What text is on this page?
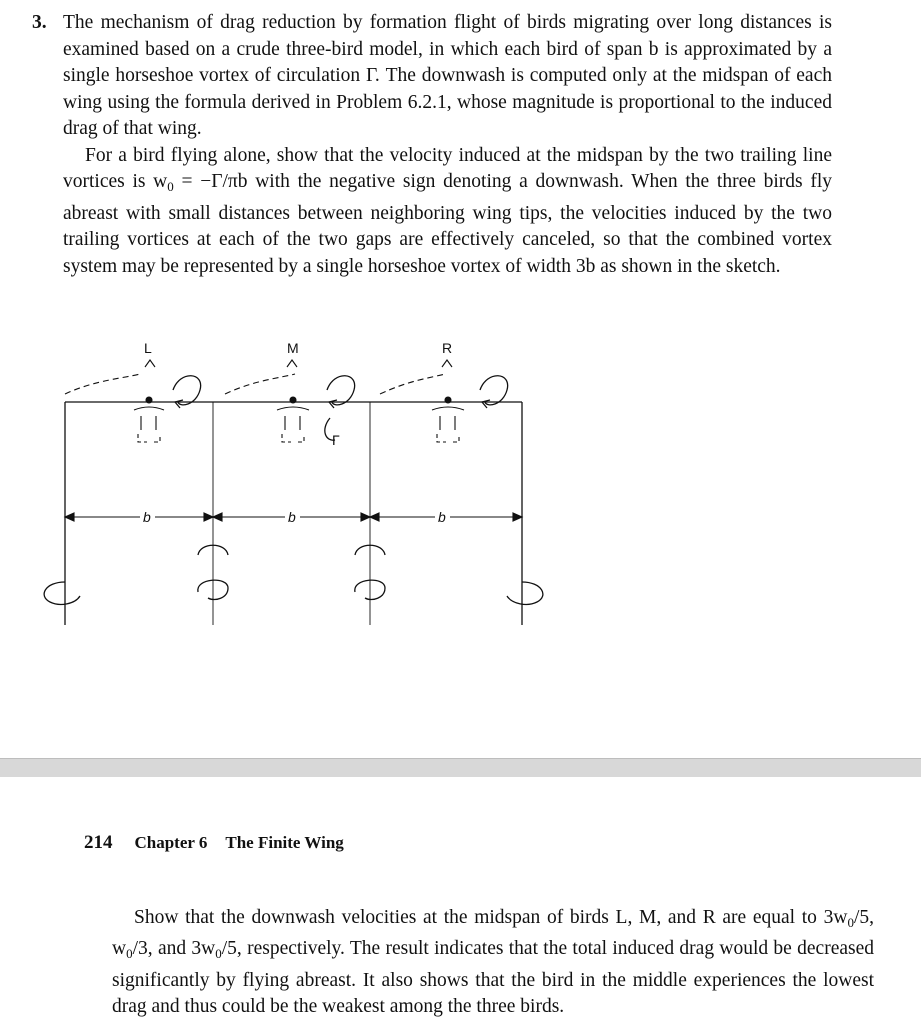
3. The mechanism of drag reduction by formation flight of birds migrating over long distances is examined based on a crude three-bird model, in which each bird of span b is approximated by a single horseshoe vortex of circulation Γ. The downwash is computed only at the midspan of each wing using the formula derived in Problem 6.2.1, whose magnitude is proportional to the induced drag of that wing.

For a bird flying alone, show that the velocity induced at the midspan by the two trailing line vortices is $w_0 = -\Gamma/\pi b$ with the negative sign denoting a downwash. When the three birds fly abreast with small distances between neighboring wing tips, the velocities induced by the two trailing vortices at each of the two gaps are effectively canceled, so that the combined vortex system may be represented by a single horseshoe vortex of width 3b as shown in the sketch.

L	M	R
b	b	b
Γ
214 Chapter 6 The Finite Wing

Show that the downwash velocities at the midspan of birds L, M, and R are equal to $3w_0/5$, $w_0/3$, and $3w_0/5$, respectively. The result indicates that the total induced drag would be decreased significantly by flying abreast. It also shows that the bird in the middle experiences the lowest drag and thus could be the weakest among the three birds.
